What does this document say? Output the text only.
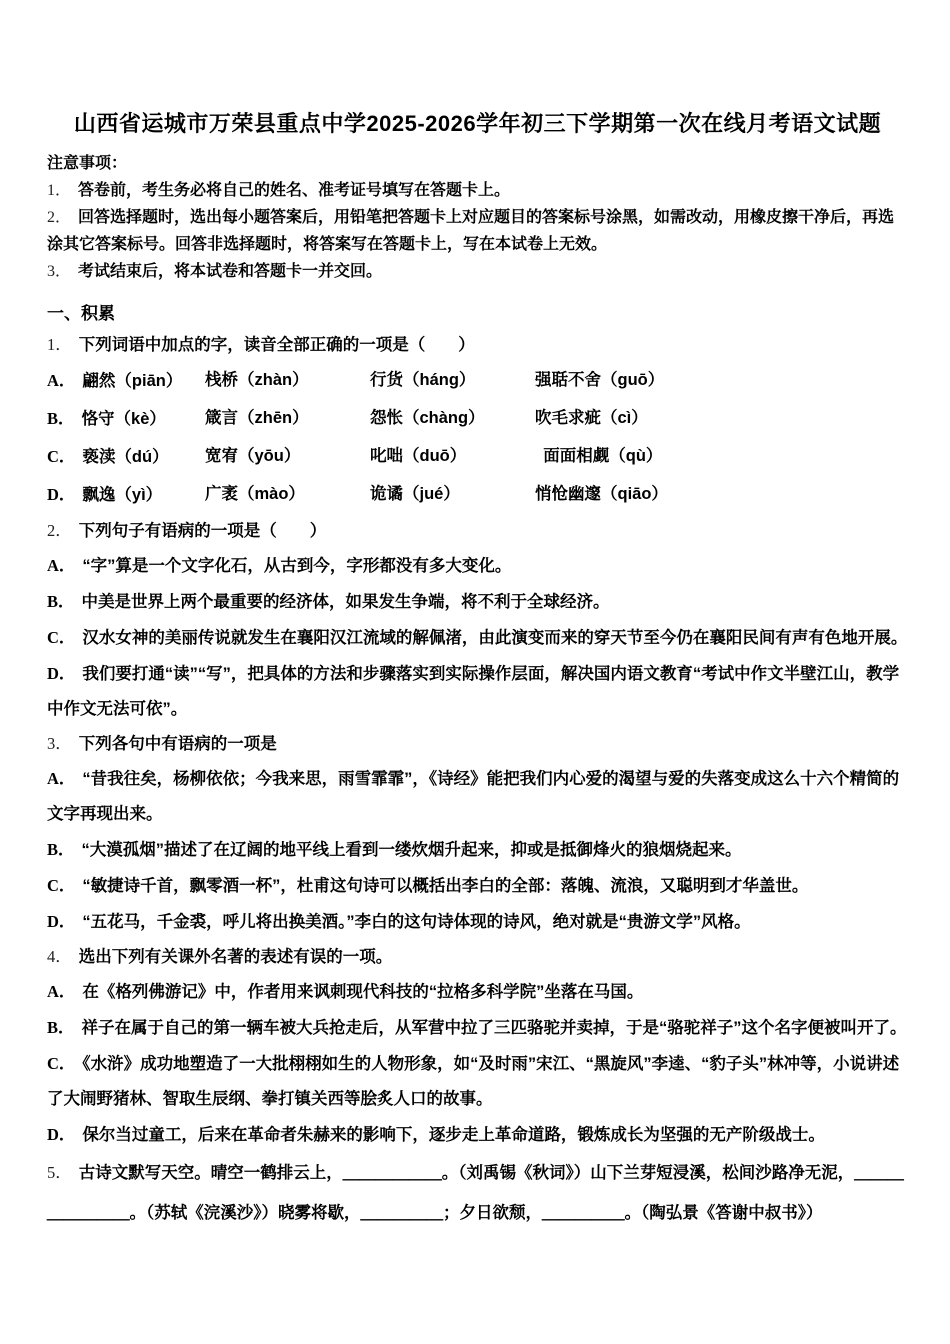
山西省运城市万荣县重点中学2025-2026学年初三下学期第一次在线月考语文试题

注意事项：

1． 答卷前，考生务必将自己的姓名、准考证号填写在答题卡上。

2． 回答选择题时，选出每小题答案后，用铅笔把答题卡上对应题目的答案标号涂黑，如需改动，用橡皮擦干净后，再选涂其它答案标号。回答非选择题时，将答案写在答题卡上，写在本试卷上无效。

3． 考试结束后，将本试卷和答题卡一并交回。

一、积累

1． 下列词语中加点的字，读音全部正确的一项是（　　）

A． 翩然（piān）	栈桥（zhàn）	行货（háng）	强聒不舍（guō）
B． 恪守（kè）	箴言（zhēn）	怨怅（chàng）	吹毛求疵（cì）
C． 亵渎（dú）	宽宥（yōu）	叱咄（duō）	 面面相觑（qù）
D． 飘逸（yì）	广袤（mào）	诡谲（jué）	悄怆幽邃（qiāo）

2． 下列句子有语病的一项是（　　）

A． “字”算是一个文字化石，从古到今，字形都没有多大变化。

B． 中美是世界上两个最重要的经济体，如果发生争端，将不利于全球经济。

C． 汉水女神的美丽传说就发生在襄阳汉江流域的解佩渚，由此演变而来的穿天节至今仍在襄阳民间有声有色地开展。

D． 我们要打通“读”“写”，把具体的方法和步骤落实到实际操作层面，解决国内语文教育“考试中作文半壁江山，教学中作文无法可依”。

3． 下列各句中有语病的一项是

A． “昔我往矣，杨柳依依；今我来思，雨雪霏霏”，《诗经》能把我们内心爱的渴望与爱的失落变成这么十六个精简的文字再现出来。

B． “大漠孤烟”描述了在辽阔的地平线上看到一缕炊烟升起来，抑或是抵御烽火的狼烟烧起来。

C． “敏捷诗千首，飘零酒一杯”，杜甫这句诗可以概括出李白的全部：落魄、流浪，又聪明到才华盖世。

D． “五花马，千金裘，呼儿将出换美酒。”李白的这句诗体现的诗风，绝对就是“贵游文学”风格。

4． 选出下列有关课外名著的表述有误的一项。

A． 在《格列佛游记》中，作者用来讽刺现代科技的“拉格多科学院”坐落在马国。

B． 祥子在属于自己的第一辆车被大兵抢走后，从军营中拉了三匹骆驼并卖掉，于是“骆驼祥子”这个名字便被叫开了。

C． 《水浒》成功地塑造了一大批栩栩如生的人物形象，如“及时雨”宋江、“黑旋风”李逵、“豹子头”林冲等，小说讲述了大闹野猪林、智取生辰纲、拳打镇关西等脍炙人口的故事。

D． 保尔当过童工，后来在革命者朱赫来的影响下，逐步走上革命道路，锻炼成长为坚强的无产阶级战士。

5． 古诗文默写天空。晴空一鹤排云上，＿＿＿＿＿＿。（刘禹锡《秋词》）山下兰芽短浸溪，松间沙路净无泥，＿＿＿＿＿＿＿＿。（苏轼《浣溪沙》）晓雾将歇，＿＿＿＿＿；夕日欲颓，＿＿＿＿＿。（陶弘景《答谢中叔书》）
